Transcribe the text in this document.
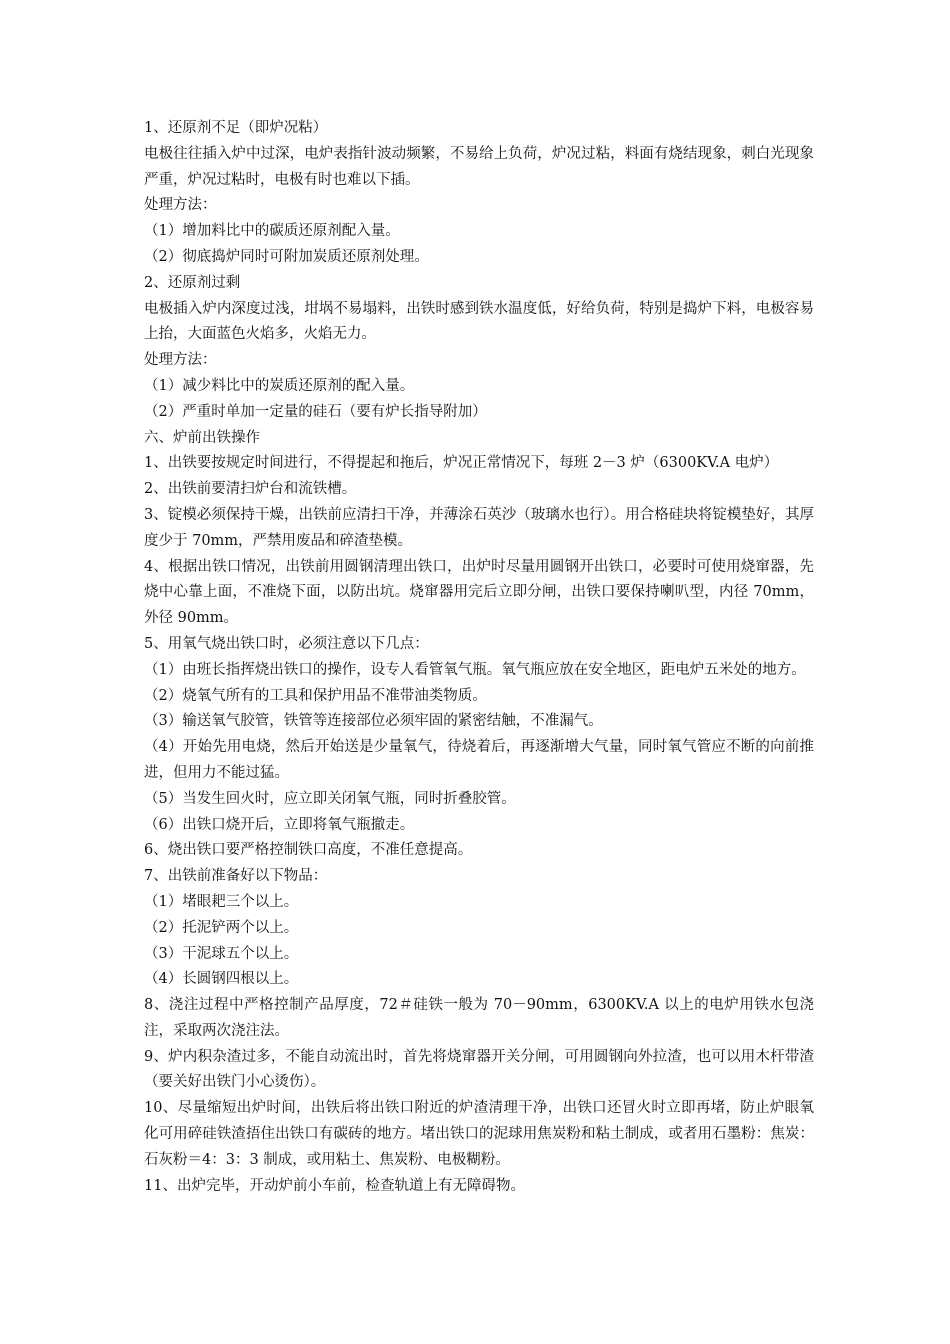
1、还原剂不足（即炉况粘）
电极往往插入炉中过深，电炉表指针波动频繁，不易给上负荷，炉况过粘，料面有烧结现象，刺白光现象严重，炉况过粘时，电极有时也难以下插。
处理方法：
（1）增加料比中的碳质还原剂配入量。
（2）彻底捣炉同时可附加炭质还原剂处理。
2、还原剂过剩
电极插入炉内深度过浅，坩埚不易塌料，出铁时感到铁水温度低，好给负荷，特别是捣炉下料，电极容易上抬，大面蓝色火焰多，火焰无力。
处理方法：
（1）减少料比中的炭质还原剂的配入量。
（2）严重时单加一定量的硅石（要有炉长指导附加）
六、炉前出铁操作
1、出铁要按规定时间进行，不得提起和拖后，炉况正常情况下，每班 2－3 炉（6300KV.A 电炉）
2、出铁前要清扫炉台和流铁槽。
3、锭模必须保持干燥，出铁前应清扫干净，并薄涂石英沙（玻璃水也行）。用合格硅块将锭模垫好，其厚度少于 70mm，严禁用废品和碎渣垫模。
4、根据出铁口情况，出铁前用圆钢清理出铁口，出炉时尽量用圆钢开出铁口，必要时可使用烧窜器，先烧中心靠上面，不准烧下面，以防出坑。烧窜器用完后立即分闸，出铁口要保持喇叭型，内径 70mm，外径 90mm。
5、用氧气烧出铁口时，必须注意以下几点：
（1）由班长指挥烧出铁口的操作，设专人看管氧气瓶。氧气瓶应放在安全地区，距电炉五米处的地方。
（2）烧氧气所有的工具和保护用品不准带油类物质。
（3）输送氧气胶管，铁管等连接部位必须牢固的紧密结触，不准漏气。
（4）开始先用电烧，然后开始送是少量氧气，待烧着后，再逐渐增大气量，同时氧气管应不断的向前推进，但用力不能过猛。
（5）当发生回火时，应立即关闭氧气瓶，同时折叠胶管。
（6）出铁口烧开后，立即将氧气瓶撤走。
6、烧出铁口要严格控制铁口高度，不准任意提高。
7、出铁前准备好以下物品：
（1）堵眼耙三个以上。
（2）托泥铲两个以上。
（3）干泥球五个以上。
（4）长圆钢四根以上。
8、浇注过程中严格控制产品厚度，72＃硅铁一般为 70－90mm，6300KV.A 以上的电炉用铁水包浇注，采取两次浇注法。
9、炉内积杂渣过多，不能自动流出时，首先将烧窜器开关分闸，可用圆钢向外拉渣，也可以用木杆带渣（要关好出铁门小心烫伤）。
10、尽量缩短出炉时间，出铁后将出铁口附近的炉渣清理干净，出铁口还冒火时立即再堵，防止炉眼氧化可用碎硅铁渣捂住出铁口有碳砖的地方。堵出铁口的泥球用焦炭粉和粘土制成，或者用石墨粉：焦炭：石灰粉＝4：3：3 制成，或用粘土、焦炭粉、电极糊粉。
11、出炉完毕，开动炉前小车前，检查轨道上有无障碍物。
